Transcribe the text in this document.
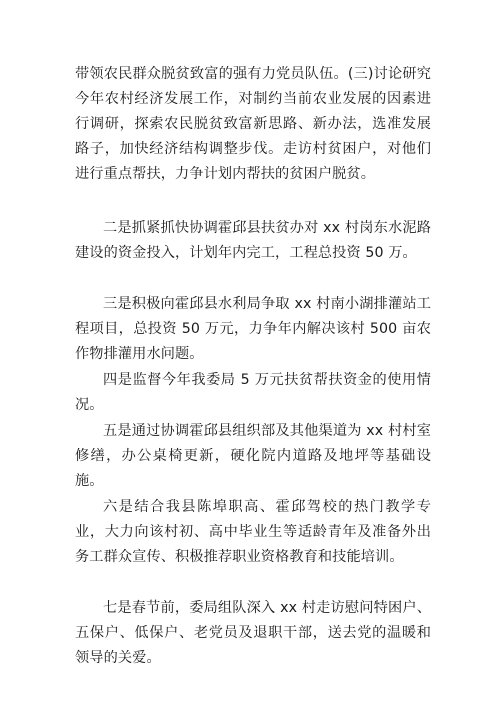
带领农民群众脱贫致富的强有力党员队伍。(三)讨论研究今年农村经济发展工作，对制约当前农业发展的因素进行调研，探索农民脱贫致富新思路、新办法，选准发展路子，加快经济结构调整步伐。走访村贫困户，对他们进行重点帮扶，力争计划内帮扶的贫困户脱贫。

二是抓紧抓快协调霍邱县扶贫办对 xx 村岗东水泥路建设的资金投入，计划年内完工，工程总投资 50 万。

三是积极向霍邱县水利局争取 xx 村南小湖排灌站工程项目，总投资 50 万元，力争年内解决该村 500 亩农作物排灌用水问题。

四是监督今年我委局 5 万元扶贫帮扶资金的使用情况。

五是通过协调霍邱县组织部及其他渠道为 xx 村村室修缮，办公桌椅更新，硬化院内道路及地坪等基础设施。

六是结合我县陈埠职高、霍邱驾校的热门教学专业，大力向该村初、高中毕业生等适龄青年及准备外出务工群众宣传、积极推荐职业资格教育和技能培训。

七是春节前，委局组队深入 xx 村走访慰问特困户、五保户、低保户、老党员及退职干部，送去党的温暖和领导的关爱。
